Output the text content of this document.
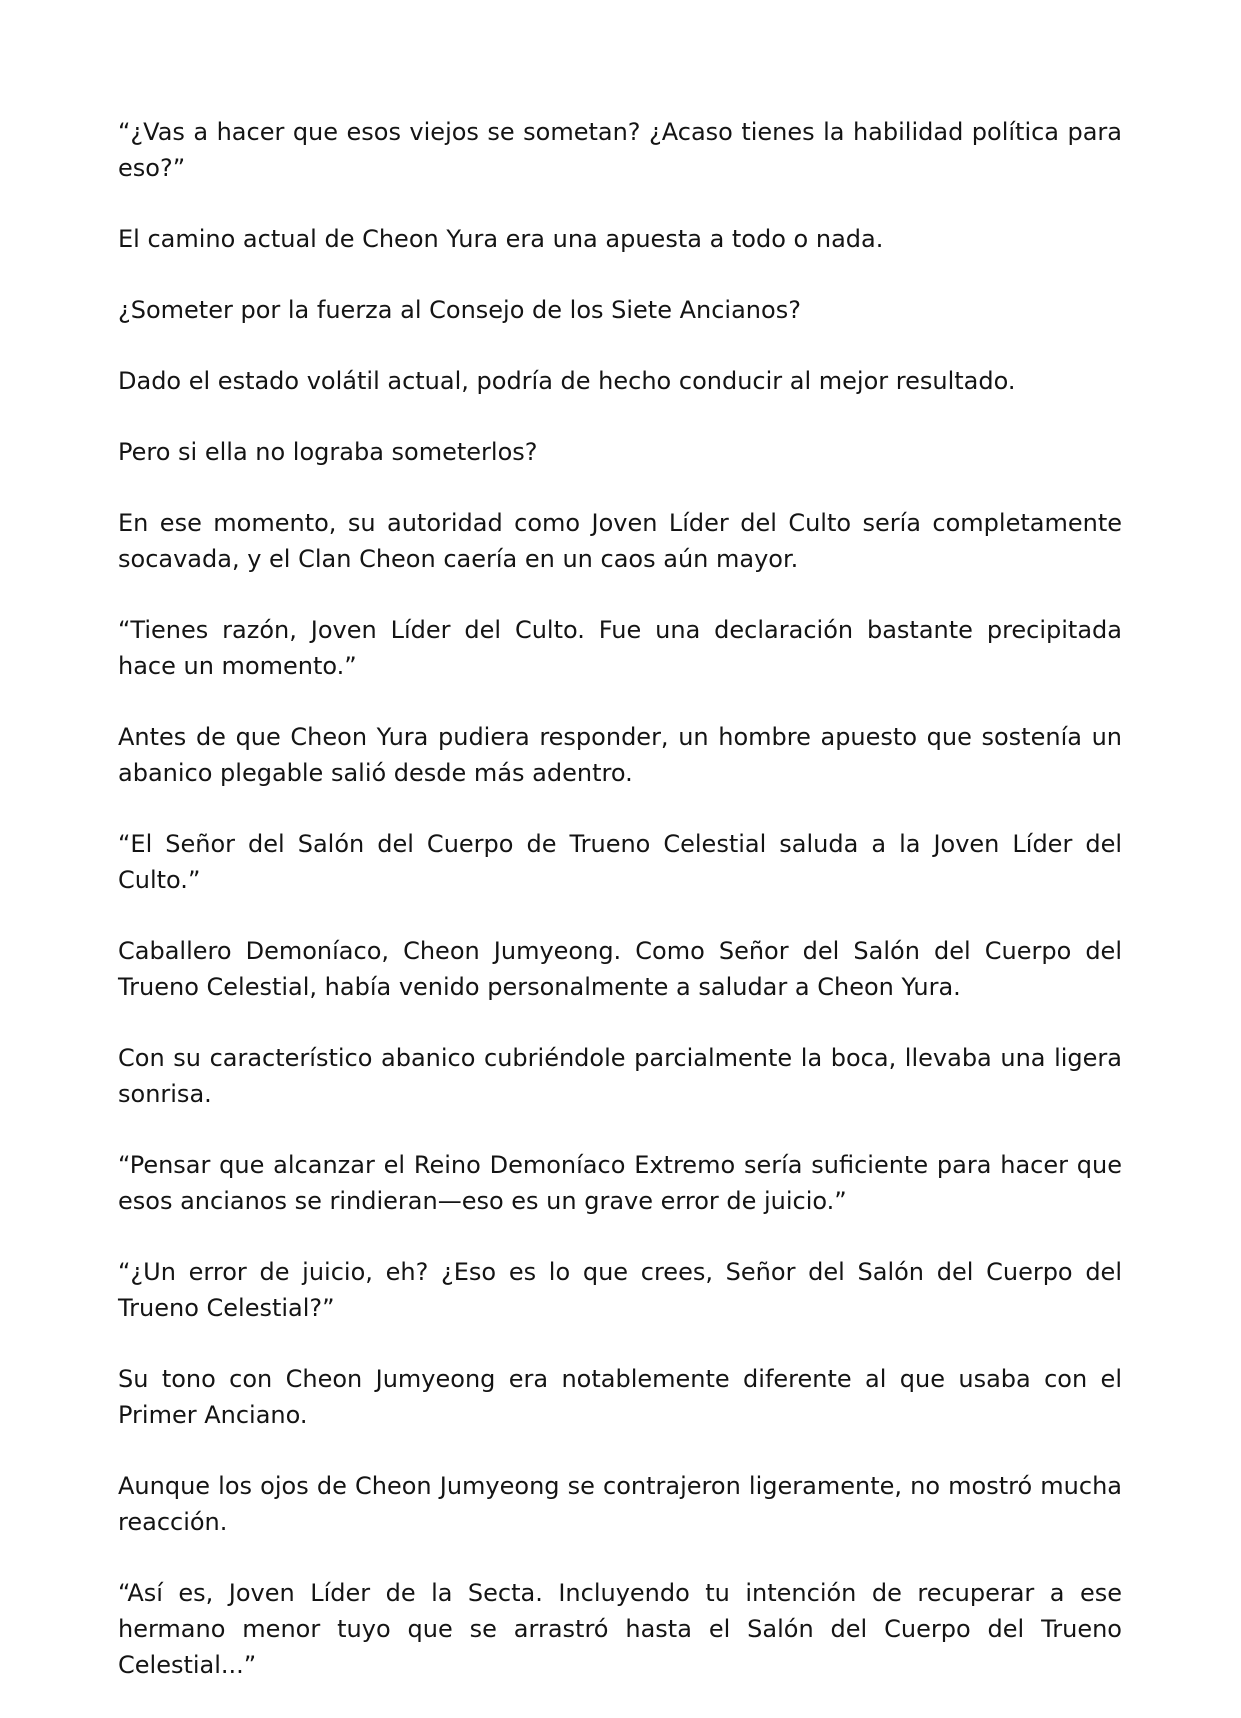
“¿Vas a hacer que esos viejos se sometan? ¿Acaso tienes la habilidad política para eso?”

El camino actual de Cheon Yura era una apuesta a todo o nada.

¿Someter por la fuerza al Consejo de los Siete Ancianos?

Dado el estado volátil actual, podría de hecho conducir al mejor resultado.

Pero si ella no lograba someterlos?

En ese momento, su autoridad como Joven Líder del Culto sería completamente socavada, y el Clan Cheon caería en un caos aún mayor.

“Tienes razón, Joven Líder del Culto. Fue una declaración bastante precipitada hace un momento.”

Antes de que Cheon Yura pudiera responder, un hombre apuesto que sostenía un abanico plegable salió desde más adentro.

“El Señor del Salón del Cuerpo de Trueno Celestial saluda a la Joven Líder del Culto.”

Caballero Demoníaco, Cheon Jumyeong. Como Señor del Salón del Cuerpo del Trueno Celestial, había venido personalmente a saludar a Cheon Yura.

Con su característico abanico cubriéndole parcialmente la boca, llevaba una ligera sonrisa.

“Pensar que alcanzar el Reino Demoníaco Extremo sería suficiente para hacer que esos ancianos se rindieran—eso es un grave error de juicio.”

“¿Un error de juicio, eh? ¿Eso es lo que crees, Señor del Salón del Cuerpo del Trueno Celestial?”

Su tono con Cheon Jumyeong era notablemente diferente al que usaba con el Primer Anciano.

Aunque los ojos de Cheon Jumyeong se contrajeron ligeramente, no mostró mucha reacción.

“Así es, Joven Líder de la Secta. Incluyendo tu intención de recuperar a ese hermano menor tuyo que se arrastró hasta el Salón del Cuerpo del Trueno Celestial...”
